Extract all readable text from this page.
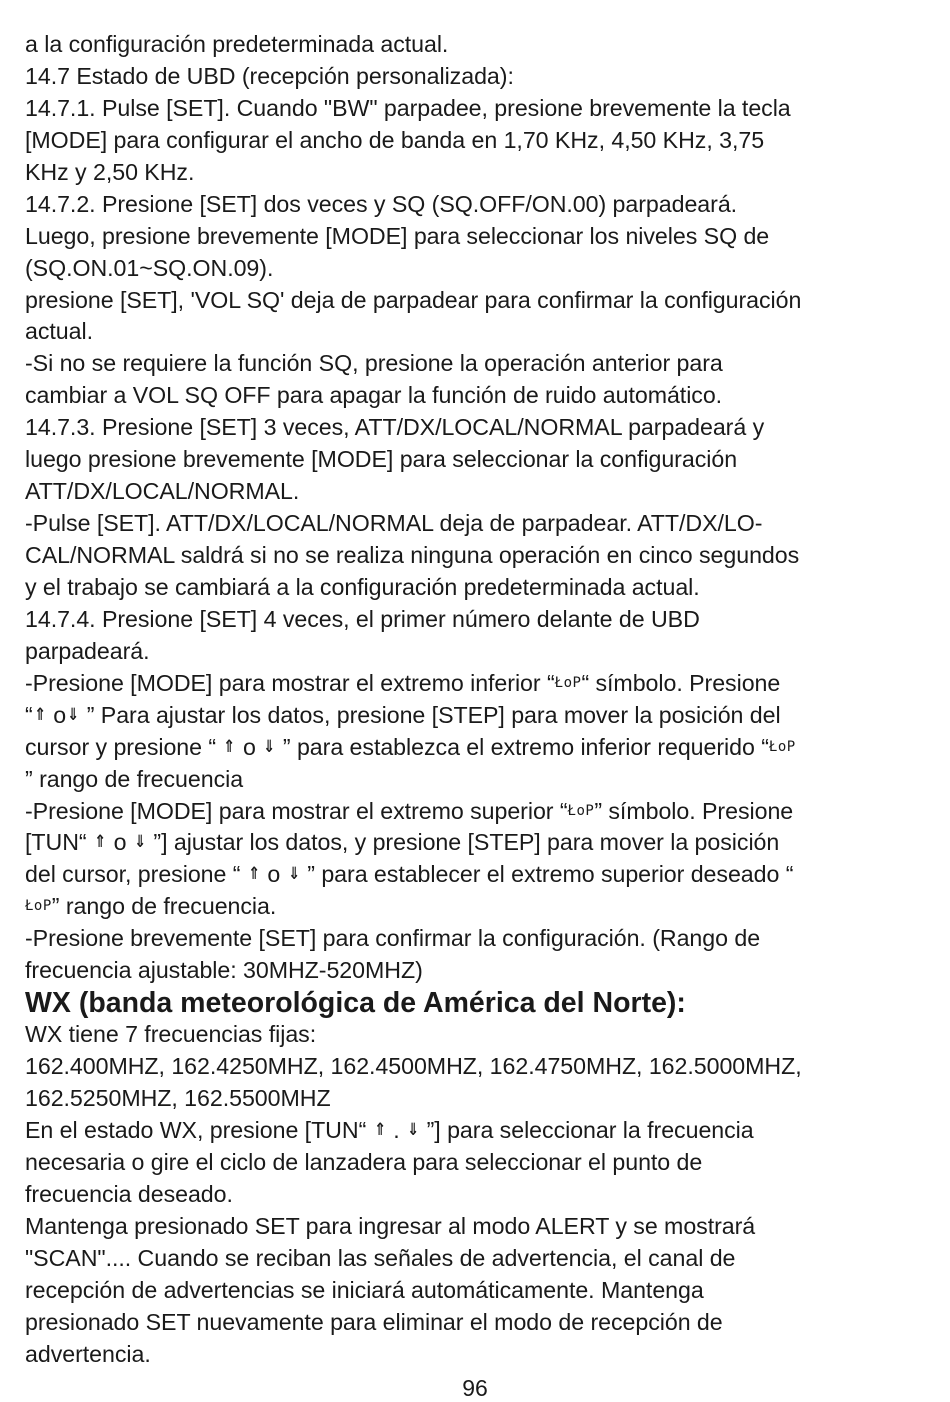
a la configuración predeterminada actual.
14.7 Estado de UBD (recepción personalizada):
14.7.1. Pulse [SET]. Cuando "BW" parpadee, presione brevemente la tecla
[MODE] para configurar el ancho de banda en 1,70 KHz, 4,50 KHz, 3,75
KHz y 2,50 KHz.
14.7.2. Presione [SET] dos veces y SQ (SQ.OFF/ON.00) parpadeará.
Luego, presione brevemente [MODE] para seleccionar los niveles SQ de
(SQ.ON.01~SQ.ON.09).
presione [SET], 'VOL SQ' deja de parpadear para confirmar la configuración
actual.
-Si no se requiere la función SQ, presione la operación anterior para
cambiar a VOL SQ OFF para apagar la función de ruido automático.
14.7.3. Presione [SET] 3 veces, ATT/DX/LOCAL/NORMAL parpadeará y
luego presione brevemente [MODE] para seleccionar la configuración
ATT/DX/LOCAL/NORMAL.
-Pulse [SET]. ATT/DX/LOCAL/NORMAL deja de parpadear. ATT/DX/LO-
CAL/NORMAL saldrá si no se realiza ninguna operación en cinco segundos
y el trabajo se cambiará a la configuración predeterminada actual.
14.7.4. Presione [SET] 4 veces, el primer número delante de UBD
parpadeará.
-Presione [MODE] para mostrar el extremo inferior “ŁoP“ símbolo. Presione
“⇑ o⇓ ” Para ajustar los datos, presione [STEP] para mover la posición del
cursor y presione “ ⇑ o ⇓ ” para establezca el extremo inferior requerido “ŁoP
” rango de frecuencia
-Presione [MODE] para mostrar el extremo superior “ŁoP” símbolo. Presione
[TUN“ ⇑ o ⇓ ”] ajustar los datos, y presione [STEP] para mover la posición
del cursor, presione “ ⇑ o ⇓ ” para establecer el extremo superior deseado “
ŁoP” rango de frecuencia.
-Presione brevemente [SET] para confirmar la configuración. (Rango de
frecuencia ajustable: 30MHZ-520MHZ)
WX (banda meteorológica de América del Norte):
WX tiene 7 frecuencias fijas:
162.400MHZ, 162.4250MHZ, 162.4500MHZ, 162.4750MHZ, 162.5000MHZ,
162.5250MHZ, 162.5500MHZ
En el estado WX, presione [TUN“ ⇑ . ⇓ ”] para seleccionar la frecuencia
necesaria o gire el ciclo de lanzadera para seleccionar el punto de
frecuencia deseado.
Mantenga presionado SET para ingresar al modo ALERT y se mostrará
"SCAN".... Cuando se reciban las señales de advertencia, el canal de
recepción de advertencias se iniciará automáticamente. Mantenga
presionado SET nuevamente para eliminar el modo de recepción de
advertencia.
96
